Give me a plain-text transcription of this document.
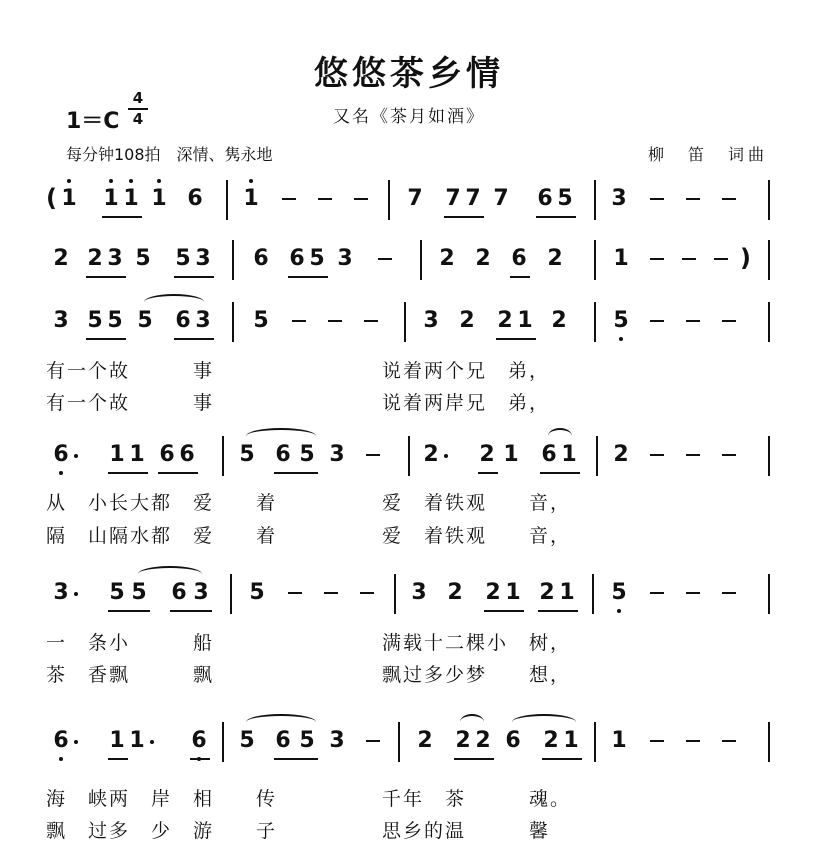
悠悠茶乡情
又名《茶月如酒》
1＝C
4
4
每分钟108拍　深情、隽永地	柳　笛　词曲
( 1 1 1 1 6 1	7 7 7 7 6 5 3
2 2 3 5 5 3 6 6 5 3	2 2 6 2 1	)
3 5 5 5 6 3 5	3 2 2 1 2 5
有一个故　　　事　　　　　　　　说着两个兄　弟，
有一个故　　　事　　　　　　　　说着两岸兄　弟，
6 1 1 6 6 5 6 5 3	2 2 1 6 1 2
从　小长大都　爱　　着　　　　　爱　着铁观　　音，
隔　山隔水都　爱　　着　　　　　爱　着铁观　　音，
3 5 5 6 3 5	3 2 2 1 2 1 5
一　条小　　　船　　　　　　　　满载十二棵小　树，
茶　香飘　　　飘　　　　　　　　飘过多少梦　　想，
6 1 1 6 5 6 5 3	2 2 2 6 2 1 1
海　峡两　岸　相　　传　　　　　千年　茶　　　魂。
飘　过多　少　游　　子　　　　　思乡的温　　　馨
